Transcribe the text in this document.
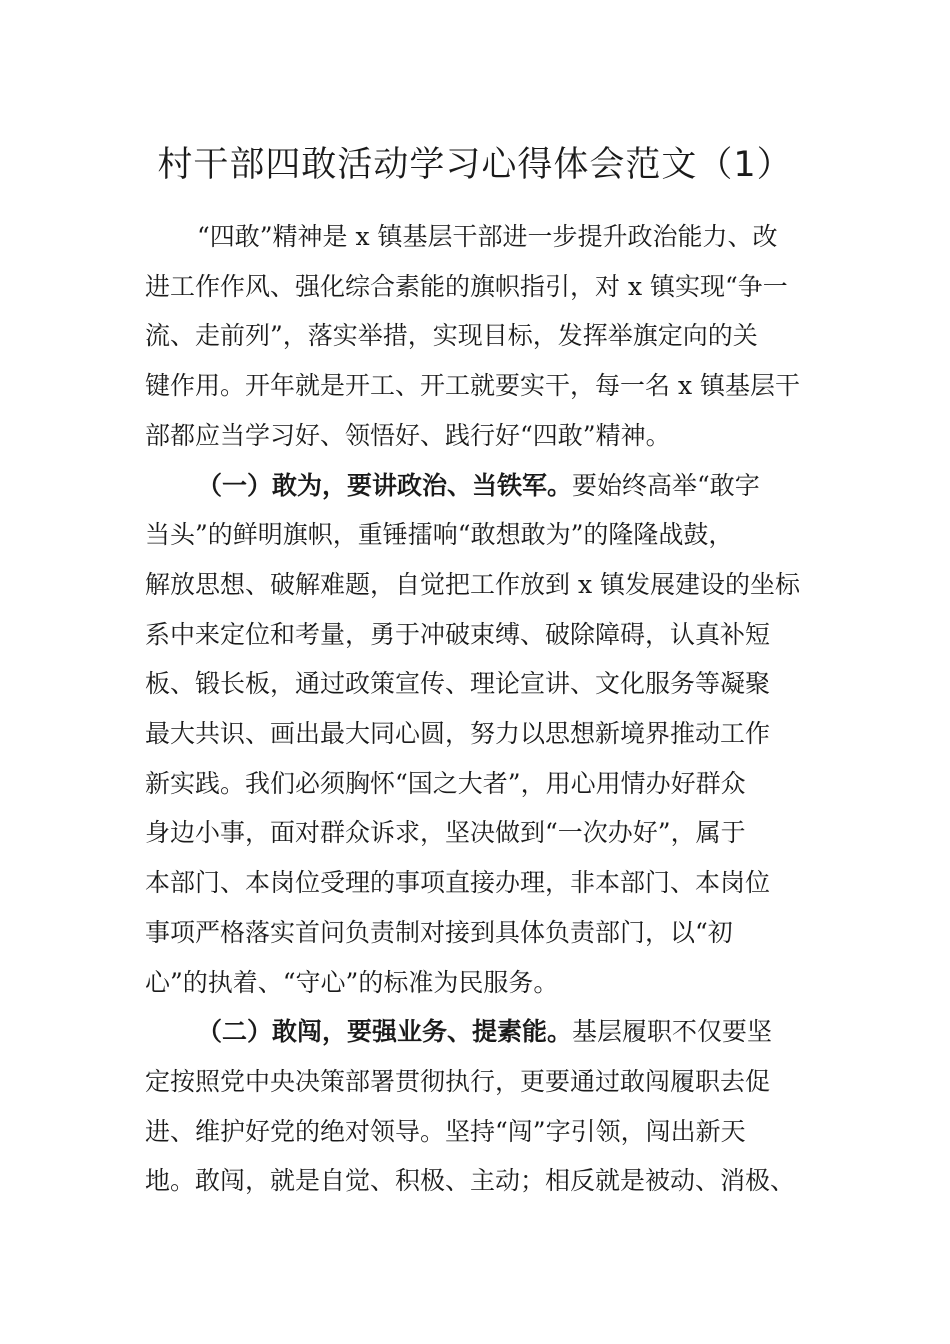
村干部四敢活动学习心得体会范文（1）

“四敢”精神是 x 镇基层干部进一步提升政治能力、改
进工作作风、强化综合素能的旗帜指引，对 x 镇实现“争一
流、走前列”，落实举措，实现目标，发挥举旗定向的关
键作用。开年就是开工、开工就要实干，每一名 x 镇基层干
部都应当学习好、领悟好、践行好“四敢”精神。

（一）敢为，要讲政治、当铁军。要始终高举“敢字
当头”的鲜明旗帜，重锤擂响“敢想敢为”的隆隆战鼓，
解放思想、破解难题，自觉把工作放到 x 镇发展建设的坐标
系中来定位和考量，勇于冲破束缚、破除障碍，认真补短
板、锻长板，通过政策宣传、理论宣讲、文化服务等凝聚
最大共识、画出最大同心圆，努力以思想新境界推动工作
新实践。我们必须胸怀“国之大者”，用心用情办好群众
身边小事，面对群众诉求，坚决做到“一次办好”，属于
本部门、本岗位受理的事项直接办理，非本部门、本岗位
事项严格落实首问负责制对接到具体负责部门，以“初
心”的执着、“守心”的标准为民服务。

（二）敢闯，要强业务、提素能。基层履职不仅要坚
定按照党中央决策部署贯彻执行，更要通过敢闯履职去促
进、维护好党的绝对领导。坚持“闯”字引领，闯出新天
地。敢闯，就是自觉、积极、主动；相反就是被动、消极、
